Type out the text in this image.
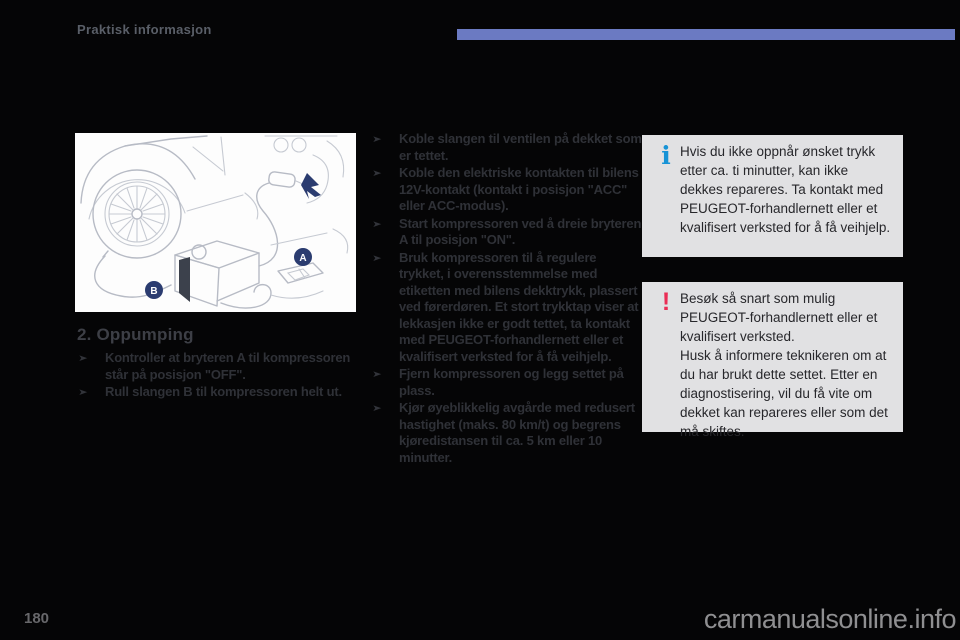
Praktisk informasjon
A
B
2. Oppumping
➤	Kontroller at bryteren A til kompressoren står på posisjon "OFF".
➤	Rull slangen B til kompressoren helt ut.
➤	Koble slangen til ventilen på dekket som er tettet.
➤	Koble den elektriske kontakten til bilens 12V-kontakt (kontakt i posisjon "ACC" eller ACC-modus).
➤	Start kompressoren ved å dreie bryteren A til posisjon "ON".
➤	Bruk kompressoren til å regulere trykket, i overensstemmelse med etiketten med bilens dekktrykk, plassert ved førerdøren. Et stort trykktap viser at lekkasjen ikke er godt tettet, ta kontakt med PEUGEOT-forhandlernett eller et kvalifisert verksted for å få veihjelp.
➤	Fjern kompressoren og legg settet på plass.
➤	Kjør øyeblikkelig avgårde med redusert hastighet (maks. 80 km/t) og begrens kjøredistansen til ca. 5 km eller 10 minutter.
i Hvis du ikke oppnår ønsket trykk etter ca. ti minutter, kan ikke dekkes repareres. Ta kontakt med PEUGEOT-forhandlernett eller et kvalifisert verksted for å få veihjelp.

! Besøk så snart som mulig PEUGEOT-forhandlernett eller et kvalifisert verksted.

Husk å informere teknikeren om at du har brukt dette settet. Etter en diagnostisering, vil du få vite om dekket kan repareres eller som det må skiftes.

180	carmanualsonline.info
